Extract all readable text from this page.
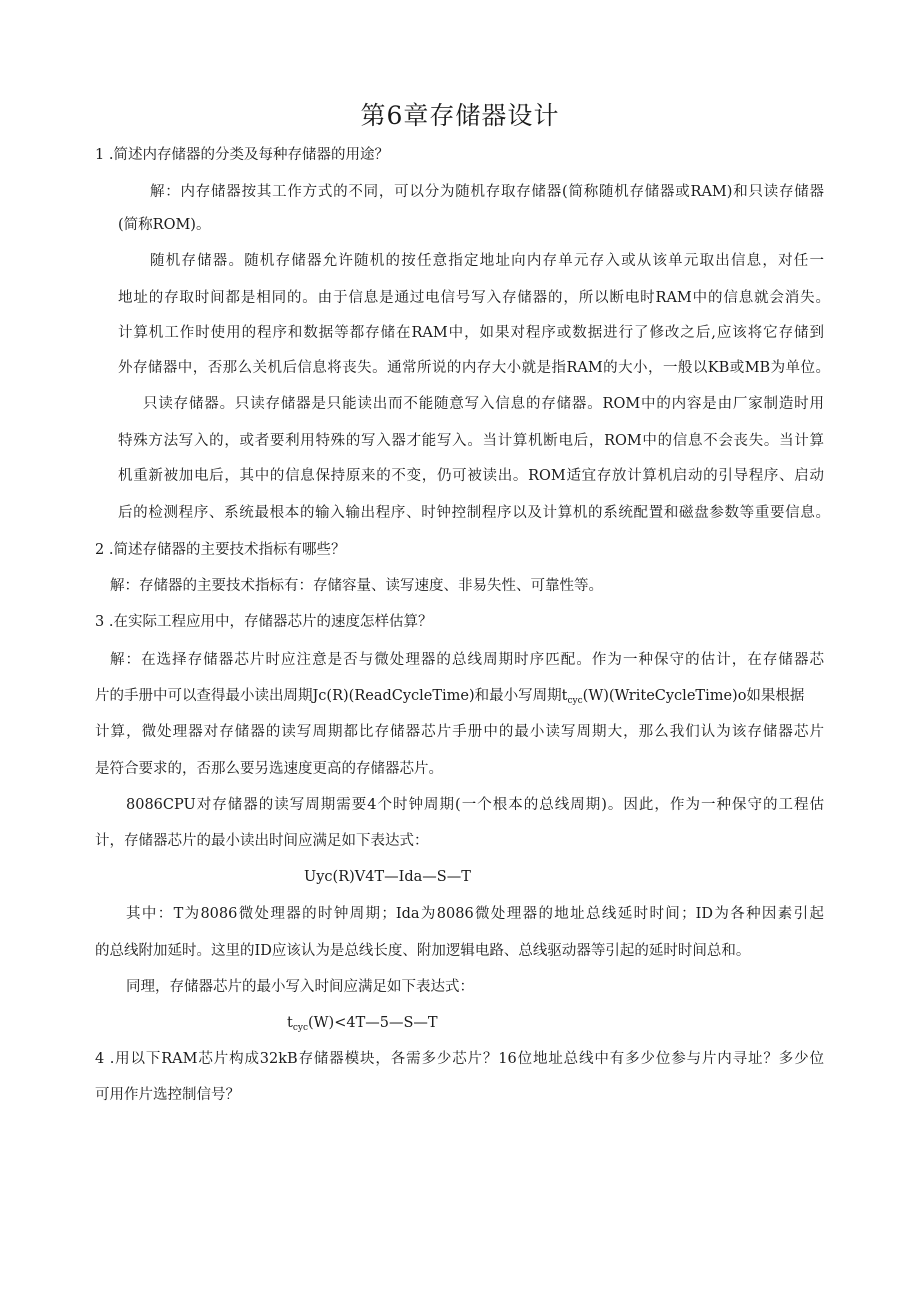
第6章存储器设计
1 .简述内存储器的分类及每种存储器的用途？
解：内存储器按其工作方式的不同，可以分为随机存取存储器(简称随机存储器或RAM)和只读存储器
(简称ROM)。
随机存储器。随机存储器允许随机的按任意指定地址向内存单元存入或从该单元取出信息，对任一
地址的存取时间都是相同的。由于信息是通过电信号写入存储器的，所以断电时RAM中的信息就会消失。
计算机工作时使用的程序和数据等都存储在RAM中，如果对程序或数据进行了修改之后,应该将它存储到
外存储器中，否那么关机后信息将丧失。通常所说的内存大小就是指RAM的大小，一般以KB或MB为单位。
只读存储器。只读存储器是只能读出而不能随意写入信息的存储器。ROM中的内容是由厂家制造时用
特殊方法写入的，或者要利用特殊的写入器才能写入。当计算机断电后，ROM中的信息不会丧失。当计算
机重新被加电后，其中的信息保持原来的不变，仍可被读出。ROM适宜存放计算机启动的引导程序、启动
后的检测程序、系统最根本的输入输出程序、时钟控制程序以及计算机的系统配置和磁盘参数等重要信息。
2 .简述存储器的主要技术指标有哪些？
解：存储器的主要技术指标有：存储容量、读写速度、非易失性、可靠性等。
3 .在实际工程应用中，存储器芯片的速度怎样估算？
解：在选择存储器芯片时应注意是否与微处理器的总线周期时序匹配。作为一种保守的估计，在存储器芯
片的手册中可以查得最小读出周期Jc(R)(ReadCycleTime)和最小写周期$t_{cyc}(W)(WriteCycleTime)o$如果根据
计算，微处理器对存储器的读写周期都比存储器芯片手册中的最小读写周期大，那么我们认为该存储器芯片
是符合要求的，否那么要另选速度更高的存储器芯片。
8086CPU对存储器的读写周期需要4个时钟周期(一个根本的总线周期)。因此，作为一种保守的工程估
计，存储器芯片的最小读出时间应满足如下表达式：
Uyc(R)V4T—Ida—S—T
其中：T为8086微处理器的时钟周期；Ida为8086微处理器的地址总线延时时间；ID为各种因素引起
的总线附加延时。这里的ID应该认为是总线长度、附加逻辑电路、总线驱动器等引起的延时时间总和。
同理，存储器芯片的最小写入时间应满足如下表达式：
$t_{cyc}(W)<4T—5—S—T$
4 .用以下RAM芯片构成32kB存储器模块，各需多少芯片？16位地址总线中有多少位参与片内寻址？多少位
可用作片选控制信号？
